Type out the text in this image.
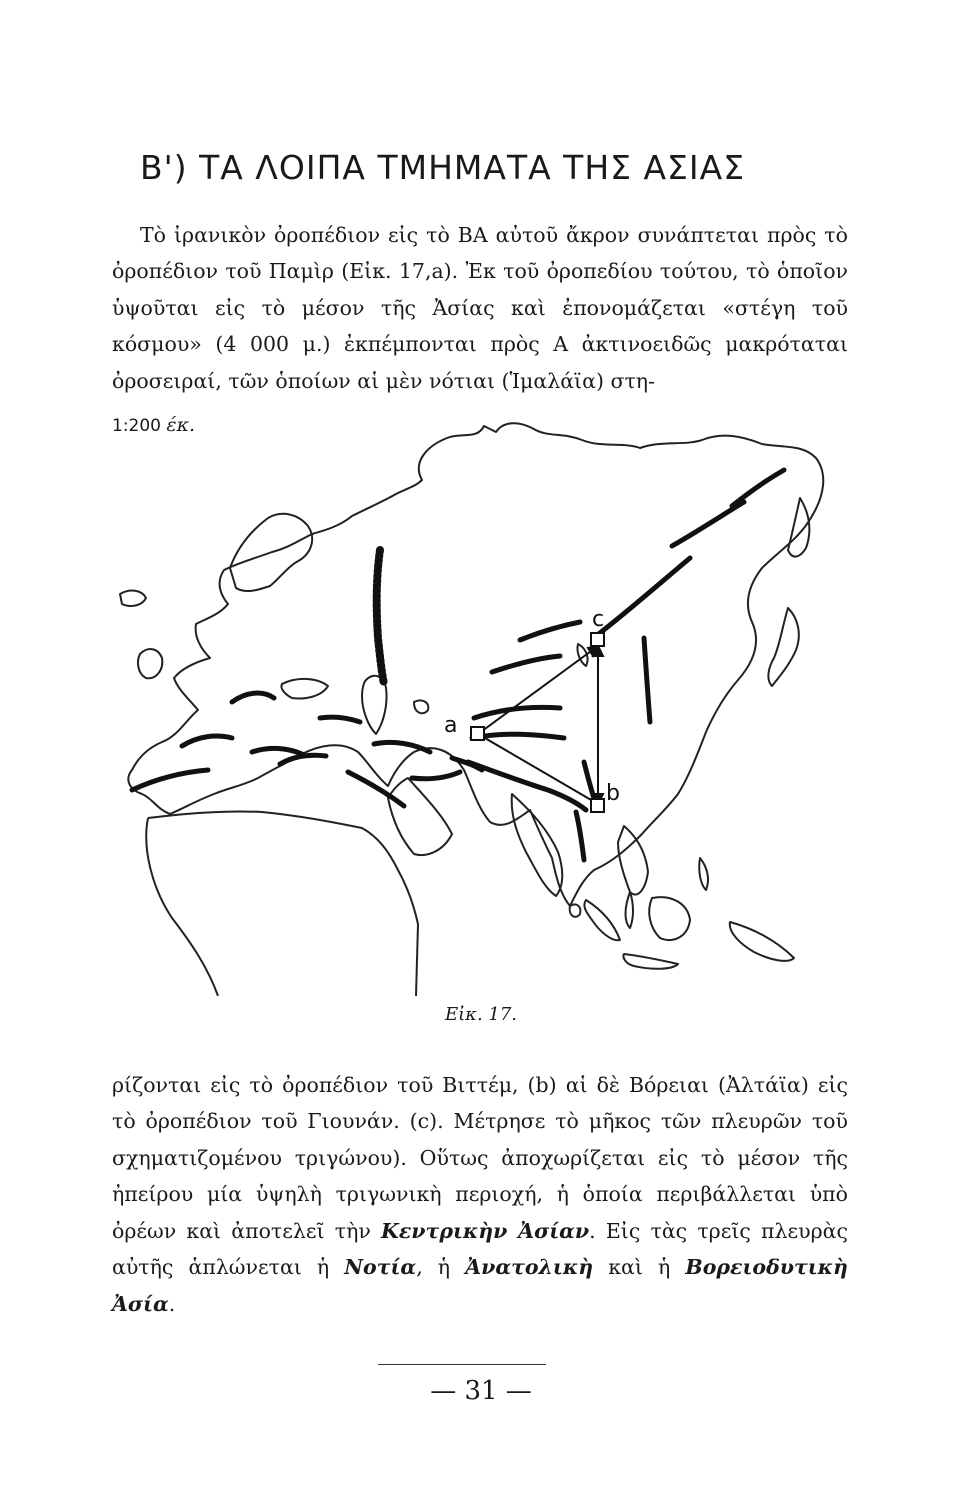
Β') ΤΑ ΛΟΙΠΑ ΤΜΗΜΑΤΑ ΤΗΣ ΑΣΙΑΣ

Τὸ ἰρανικὸν ὀροπέδιον εἰς τὸ ΒΑ αὐτοῦ ἄκρον συνάπτεται πρὸς τὸ ὀροπέδιον τοῦ Παμὶρ (Εἰκ. 17,a). Ἐκ τοῦ ὀροπεδίου τούτου, τὸ ὁποῖον ὑψοῦται εἰς τὸ μέσον τῆς Ἀσίας καὶ ἐπονομάζεται «στέγη τοῦ κόσμου» (4 000 μ.) ἐκπέμπονται πρὸς Α ἀκτινοειδῶς μακρόταται ὀροσειραί, τῶν ὁποίων αἱ μὲν νότιαι (Ἱμαλάϊα) στη-

1:200 έκ.
a
b
c
Εἰκ. 17.

ρίζονται εἰς τὸ ὀροπέδιον τοῦ Βιττέμ, (b) αἱ δὲ Βόρειαι (Ἀλτάϊα) εἰς τὸ ὀροπέδιον τοῦ Γιουνάν. (c). Μέτρησε τὸ μῆκος τῶν πλευρῶν τοῦ σχηματιζομένου τριγώνου). Οὕτως ἀποχωρίζεται εἰς τὸ μέσον τῆς ἠπείρου μία ὑψηλὴ τριγωνικὴ περιοχή, ἡ ὁποία περιβάλλεται ὑπὸ ὀρέων καὶ ἀποτελεῖ τὴν Κεντρικὴν Ἀσίαν. Εἰς τὰς τρεῖς πλευρὰς αὐτῆς ἁπλώνεται ἡ Νοτία, ἡ Ἀνατολικὴ καὶ ἡ Βορειοδυτικὴ Ἀσία.

— 31 —
